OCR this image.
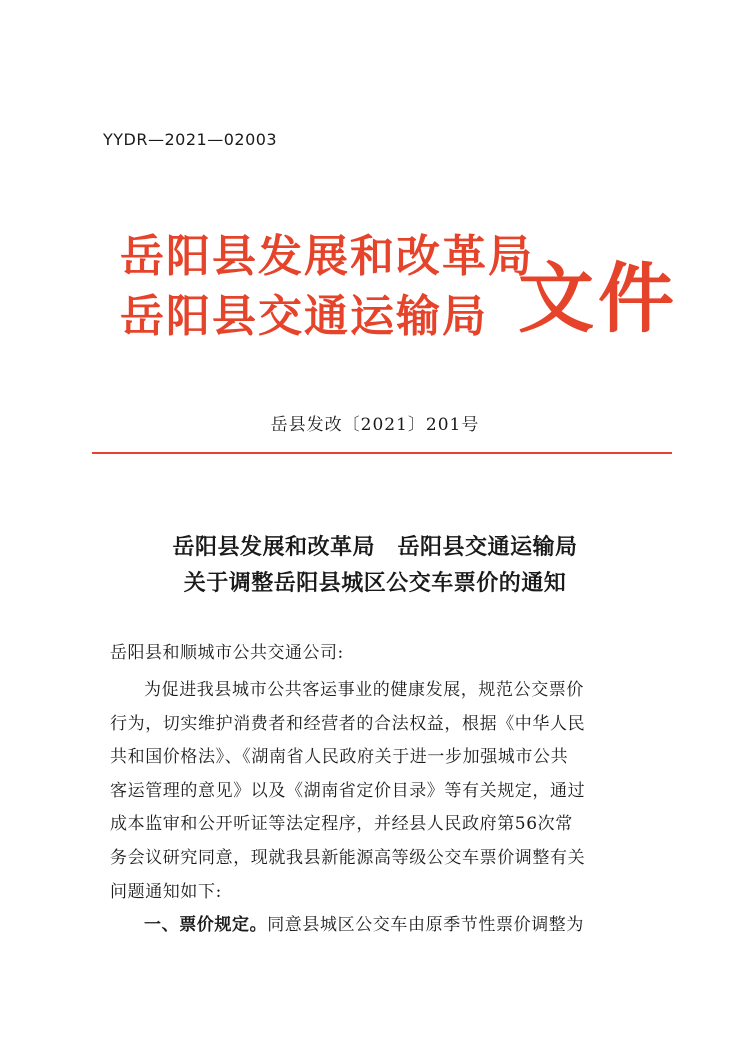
YYDR—2021—02003
岳阳县发展和改革局
岳阳县交通运输局 文件
岳县发改〔2021〕201号
岳阳县发展和改革局　岳阳县交通运输局
关于调整岳阳县城区公交车票价的通知
岳阳县和顺城市公共交通公司:
为促进我县城市公共客运事业的健康发展，规范公交票价
行为，切实维护消费者和经营者的合法权益，根据《中华人民
共和国价格法》、《湖南省人民政府关于进一步加强城市公共
客运管理的意见》以及《湖南省定价目录》等有关规定，通过
成本监审和公开听证等法定程序，并经县人民政府第56次常
务会议研究同意，现就我县新能源高等级公交车票价调整有关
问题通知如下:
一、票价规定。同意县城区公交车由原季节性票价调整为
